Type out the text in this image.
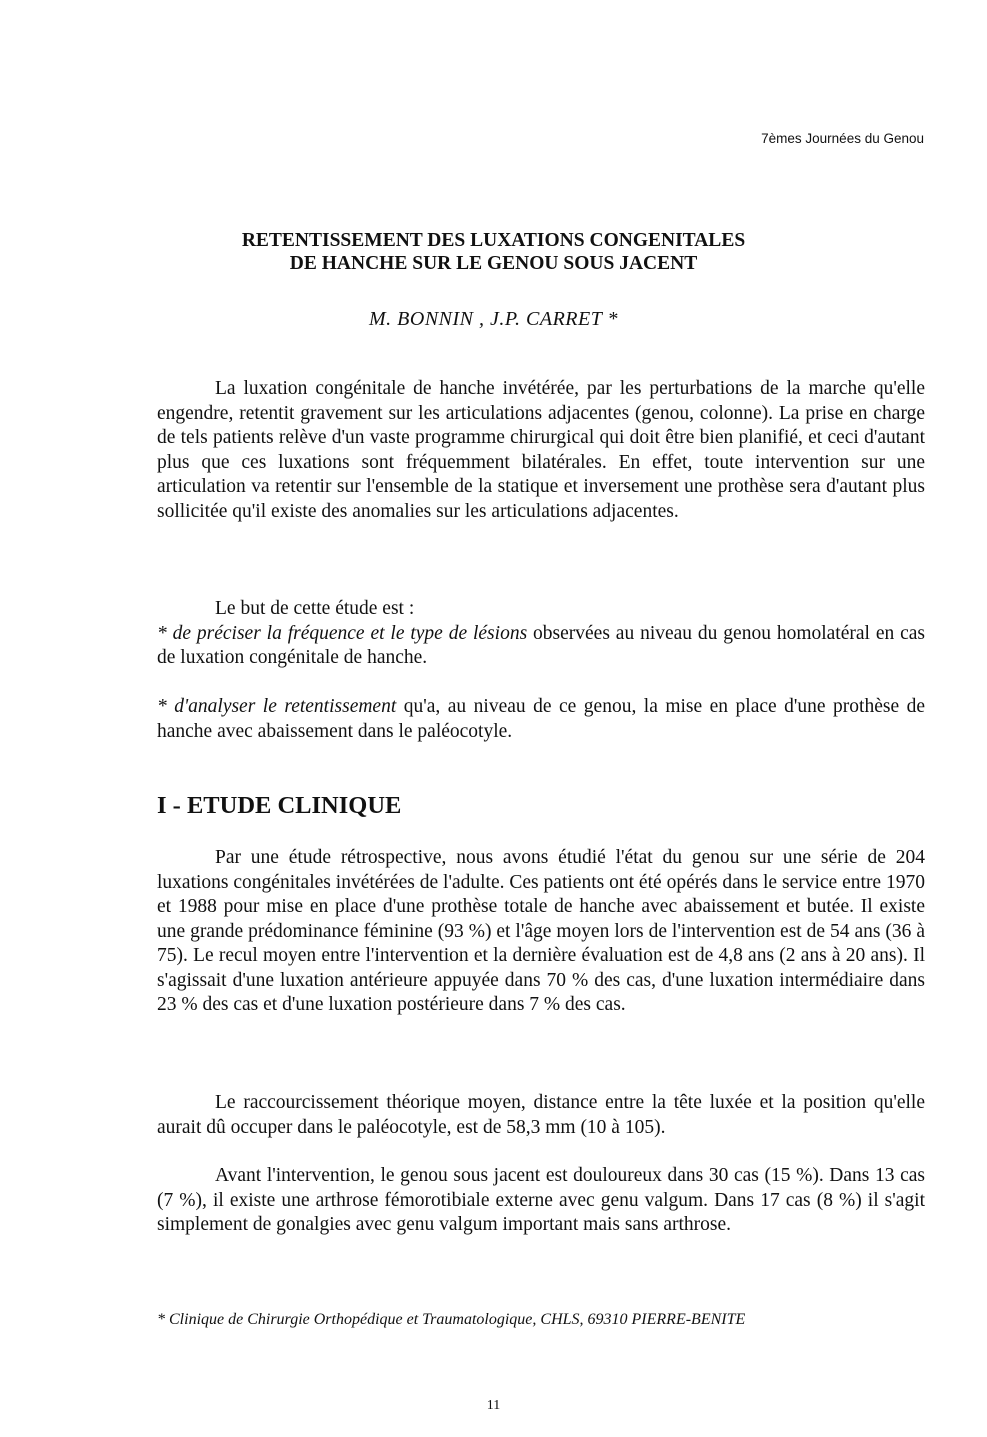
7èmes Journées du Genou
RETENTISSEMENT DES LUXATIONS CONGENITALES
DE HANCHE SUR LE GENOU SOUS JACENT
M. BONNIN , J.P. CARRET *

La luxation congénitale de hanche invétérée, par les perturbations de la marche qu'elle engendre, retentit gravement sur les articulations adjacentes (genou, colonne). La prise en charge de tels patients relève d'un vaste programme chirurgical qui doit être bien planifié, et ceci d'autant plus que ces luxations sont fréquemment bilatérales. En effet, toute intervention sur une articulation va retentir sur l'ensemble de la statique et inversement une prothèse sera d'autant plus sollicitée qu'il existe des anomalies sur les articulations adjacentes.

Le but de cette étude est :
* de préciser la fréquence et le type de lésions observées au niveau du genou homolatéral en cas de luxation congénitale de hanche.

* d'analyser le retentissement qu'a, au niveau de ce genou, la mise en place d'une prothèse de hanche avec abaissement dans le paléocotyle.

I - ETUDE CLINIQUE

Par une étude rétrospective, nous avons étudié l'état du genou sur une série de 204 luxations congénitales invétérées de l'adulte. Ces patients ont été opérés dans le service entre 1970 et 1988 pour mise en place d'une prothèse totale de hanche avec abaissement et butée. Il existe une grande prédominance féminine (93 %) et l'âge moyen lors de l'intervention est de 54 ans (36 à 75). Le recul moyen entre l'intervention et la dernière évaluation est de 4,8 ans (2 ans à 20 ans). Il s'agissait d'une luxation antérieure appuyée dans 70 % des cas, d'une luxation intermédiaire dans 23 % des cas et d'une luxation postérieure dans 7 % des cas.

Le raccourcissement théorique moyen, distance entre la tête luxée et la position qu'elle aurait dû occuper dans le paléocotyle, est de 58,3 mm (10 à 105).

Avant l'intervention, le genou sous jacent est douloureux dans 30 cas (15 %). Dans 13 cas (7 %), il existe une arthrose fémorotibiale externe avec genu valgum. Dans 17 cas (8 %) il s'agit simplement de gonalgies avec genu valgum important mais sans arthrose.

* Clinique de Chirurgie Orthopédique et Traumatologique, CHLS, 69310 PIERRE-BENITE
11
